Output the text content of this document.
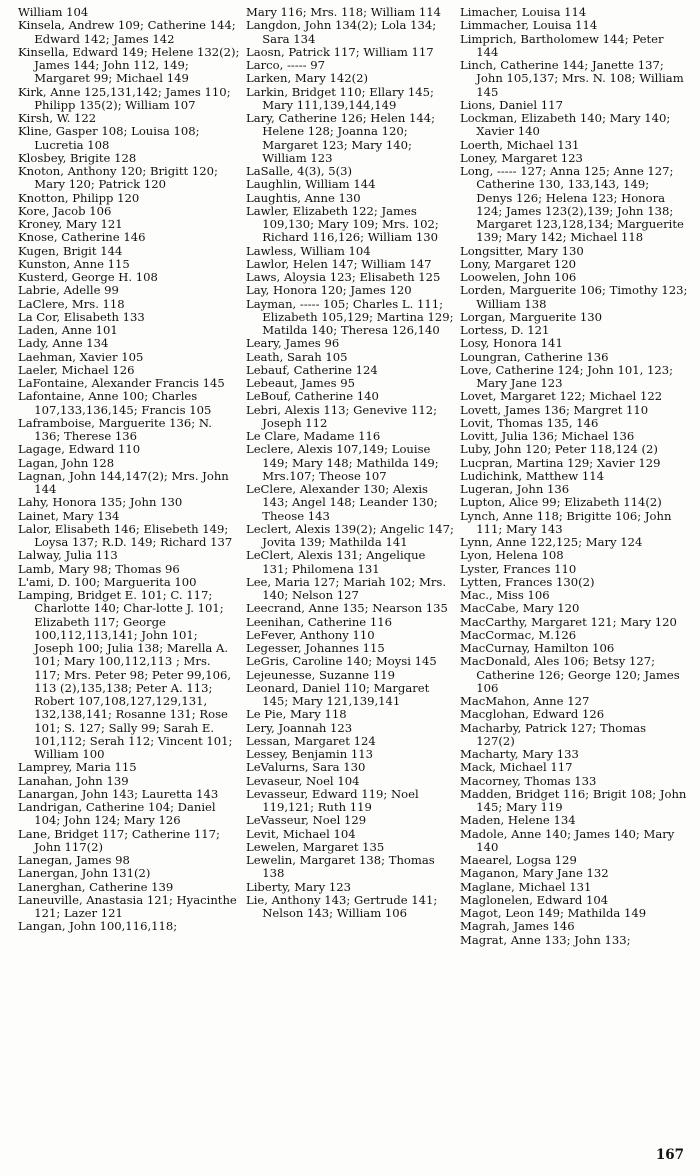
William 104

Kinsela, Andrew 109; Catherine 144; Edward 142; James 142

Kinsella, Edward 149; Helene 132(2); James 144; John 112, 149; Margaret 99; Michael 149

Kirk, Anne 125,131,142; James 110; Philipp 135(2); William 107

Kirsh, W. 122

Kline, Gasper 108; Louisa 108; Lucretia 108

Klosbey, Brigite 128

Knoton, Anthony 120; Brigitt 120; Mary 120; Patrick 120

Knotton, Philipp 120

Kore, Jacob 106

Kroney, Mary 121

Knose, Catherine 146

Kugen, Brigit 144

Kunston, Anne 115

Kusterd, George H. 108

Labrie, Adelle 99

LaClere, Mrs. 118

La Cor, Elisabeth 133

Laden, Anne 101

Lady, Anne 134

Laehman, Xavier 105

Laeler, Michael 126

LaFontaine, Alexander Francis 145

Lafontaine, Anne 100; Charles 107,133,136,145; Francis 105

Laframboise, Marguerite 136; N. 136; Therese 136

Lagage, Edward 110

Lagan, John 128

Lagnan, John 144,147(2); Mrs. John 144

Lahy, Honora 135; John 130

Lainet, Mary 134

Lalor, Elisabeth 146; Elisebeth 149; Loysa 137; R.D. 149; Richard 137

Lalway, Julia 113

Lamb, Mary 98; Thomas 96

L'ami, D. 100; Marguerita 100

Lamping, Bridget E. 101; C. 117; Charlotte 140; Char-lotte J. 101; Elizabeth 117; George 100,112,113,141; John 101; Joseph 100; Julia 138; Marella A. 101; Mary 100,112,113 ; Mrs. 117; Mrs. Peter 98; Peter 99,106, 113 (2),135,138; Peter A. 113; Robert 107,108,127,129,131, 132,138,141; Rosanne 131; Rose 101; S. 127; Sally 99; Sarah E. 101,112; Serah 112; Vincent 101; William 100

Lamprey, Maria 115

Lanahan, John 139

Lanargan, John 143; Lauretta 143

Landrigan, Catherine 104; Daniel 104; John 124; Mary 126

Lane, Bridget 117; Catherine 117; John 117(2)

Lanegan, James 98

Lanergan, John 131(2)

Lanerghan, Catherine 139

Laneuville, Anastasia 121; Hyacinthe 121; Lazer 121

Langan, John 100,116,118;

Mary 116; Mrs. 118; William 114

Langdon, John 134(2); Lola 134; Sara 134

Laosn, Patrick 117; William 117

Larco, ----- 97

Larken, Mary 142(2)

Larkin, Bridget 110; Ellary 145; Mary 111,139,144,149

Lary, Catherine 126; Helen 144; Helene 128; Joanna 120; Margaret 123; Mary 140; William 123

LaSalle, 4(3), 5(3)

Laughlin, William 144

Laughtis, Anne 130

Lawler, Elizabeth 122; James 109,130; Mary 109; Mrs. 102; Richard 116,126; William 130

Lawless, William 104

Lawlor, Helen 147; William 147

Laws, Aloysia 123; Elisabeth 125

Lay, Honora 120; James 120

Layman, ----- 105; Charles L. 111; Elizabeth 105,129; Martina 129; Matilda 140; Theresa 126,140

Leary, James 96

Leath, Sarah 105

Lebauf, Catherine 124

Lebeaut, James 95

LeBouf, Catherine 140

Lebri, Alexis 113; Genevive 112; Joseph 112

Le Clare, Madame 116

Leclere, Alexis 107,149; Louise 149; Mary 148; Mathilda 149; Mrs.107; Theose 107

LeClere, Alexander 130; Alexis 143; Angel 148; Leander 130; Theose 143

Leclert, Alexis 139(2); Angelic 147; Jovita 139; Mathilda 141

LeClert, Alexis 131; Angelique 131; Philomena 131

Lee, Maria 127; Mariah 102; Mrs. 140; Nelson 127

Leecrand, Anne 135; Nearson 135

Leenihan, Catherine 116

LeFever, Anthony 110

Legesser, Johannes 115

LeGris, Caroline 140; Moysi 145

Lejeunesse, Suzanne 119

Leonard, Daniel 110; Margaret 145; Mary 121,139,141

Le Pie, Mary 118

Lery, Joannah 123

Lessan, Margaret 124

Lessey, Benjamin 113

LeValurns, Sara 130

Levaseur, Noel 104

Levasseur, Edward 119; Noel 119,121; Ruth 119

LeVasseur, Noel 129

Levit, Michael 104

Lewelen, Margaret 135

Lewelin, Margaret 138; Thomas 138

Liberty, Mary 123

Lie, Anthony 143; Gertrude 141; Nelson 143; William 106

Limacher, Louisa 114

Limmacher, Louisa 114

Limprich, Bartholomew 144; Peter 144

Linch, Catherine 144; Janette 137; John 105,137; Mrs. N. 108; William 145

Lions, Daniel 117

Lockman, Elizabeth 140; Mary 140; Xavier 140

Loerth, Michael 131

Loney, Margaret 123

Long, ----- 127; Anna 125; Anne 127; Catherine 130, 133,143, 149; Denys 126; Helena 123; Honora 124; James 123(2),139; John 138; Margaret 123,128,134; Marguerite 139; Mary 142; Michael 118

Longsitter, Mary 130

Lony, Margaret 120

Loowelen, John 106

Lorden, Marguerite 106; Timothy 123; William 138

Lorgan, Marguerite 130

Lortess, D. 121

Losy, Honora 141

Loungran, Catherine 136

Love, Catherine 124; John 101, 123; Mary Jane 123

Lovet, Margaret 122; Michael 122

Lovett, James 136; Margret 110

Lovit, Thomas 135, 146

Lovitt, Julia 136; Michael 136

Luby, John 120; Peter 118,124 (2)

Lucpran, Martina 129; Xavier 129

Ludichink, Matthew 114

Lugeran, John 136

Lupton, Alice 99; Elizabeth 114(2)

Lynch, Anne 118; Brigitte 106; John 111; Mary 143

Lynn, Anne 122,125; Mary 124

Lyon, Helena 108

Lyster, Frances 110

Lytten, Frances 130(2)

Mac., Miss 106

MacCabe, Mary 120

MacCarthy, Margaret 121; Mary 120

MacCormac, M.126

MacCurnay, Hamilton 106

MacDonald, Ales 106; Betsy 127; Catherine 126; George 120; James 106

MacMahon, Anne 127

Macglohan, Edward 126

Macharby, Patrick 127; Thomas 127(2)

Macharty, Mary 133

Mack, Michael 117

Macorney, Thomas 133

Madden, Bridget 116; Brigit 108; John 145; Mary 119

Maden, Helene 134

Madole, Anne 140; James 140; Mary 140

Maearel, Logsa 129

Maganon, Mary Jane 132

Maglane, Michael 131

Maglonelen, Edward 104

Magot, Leon 149; Mathilda 149

Magrah, James 146

Magrat, Anne 133; John 133;

167
